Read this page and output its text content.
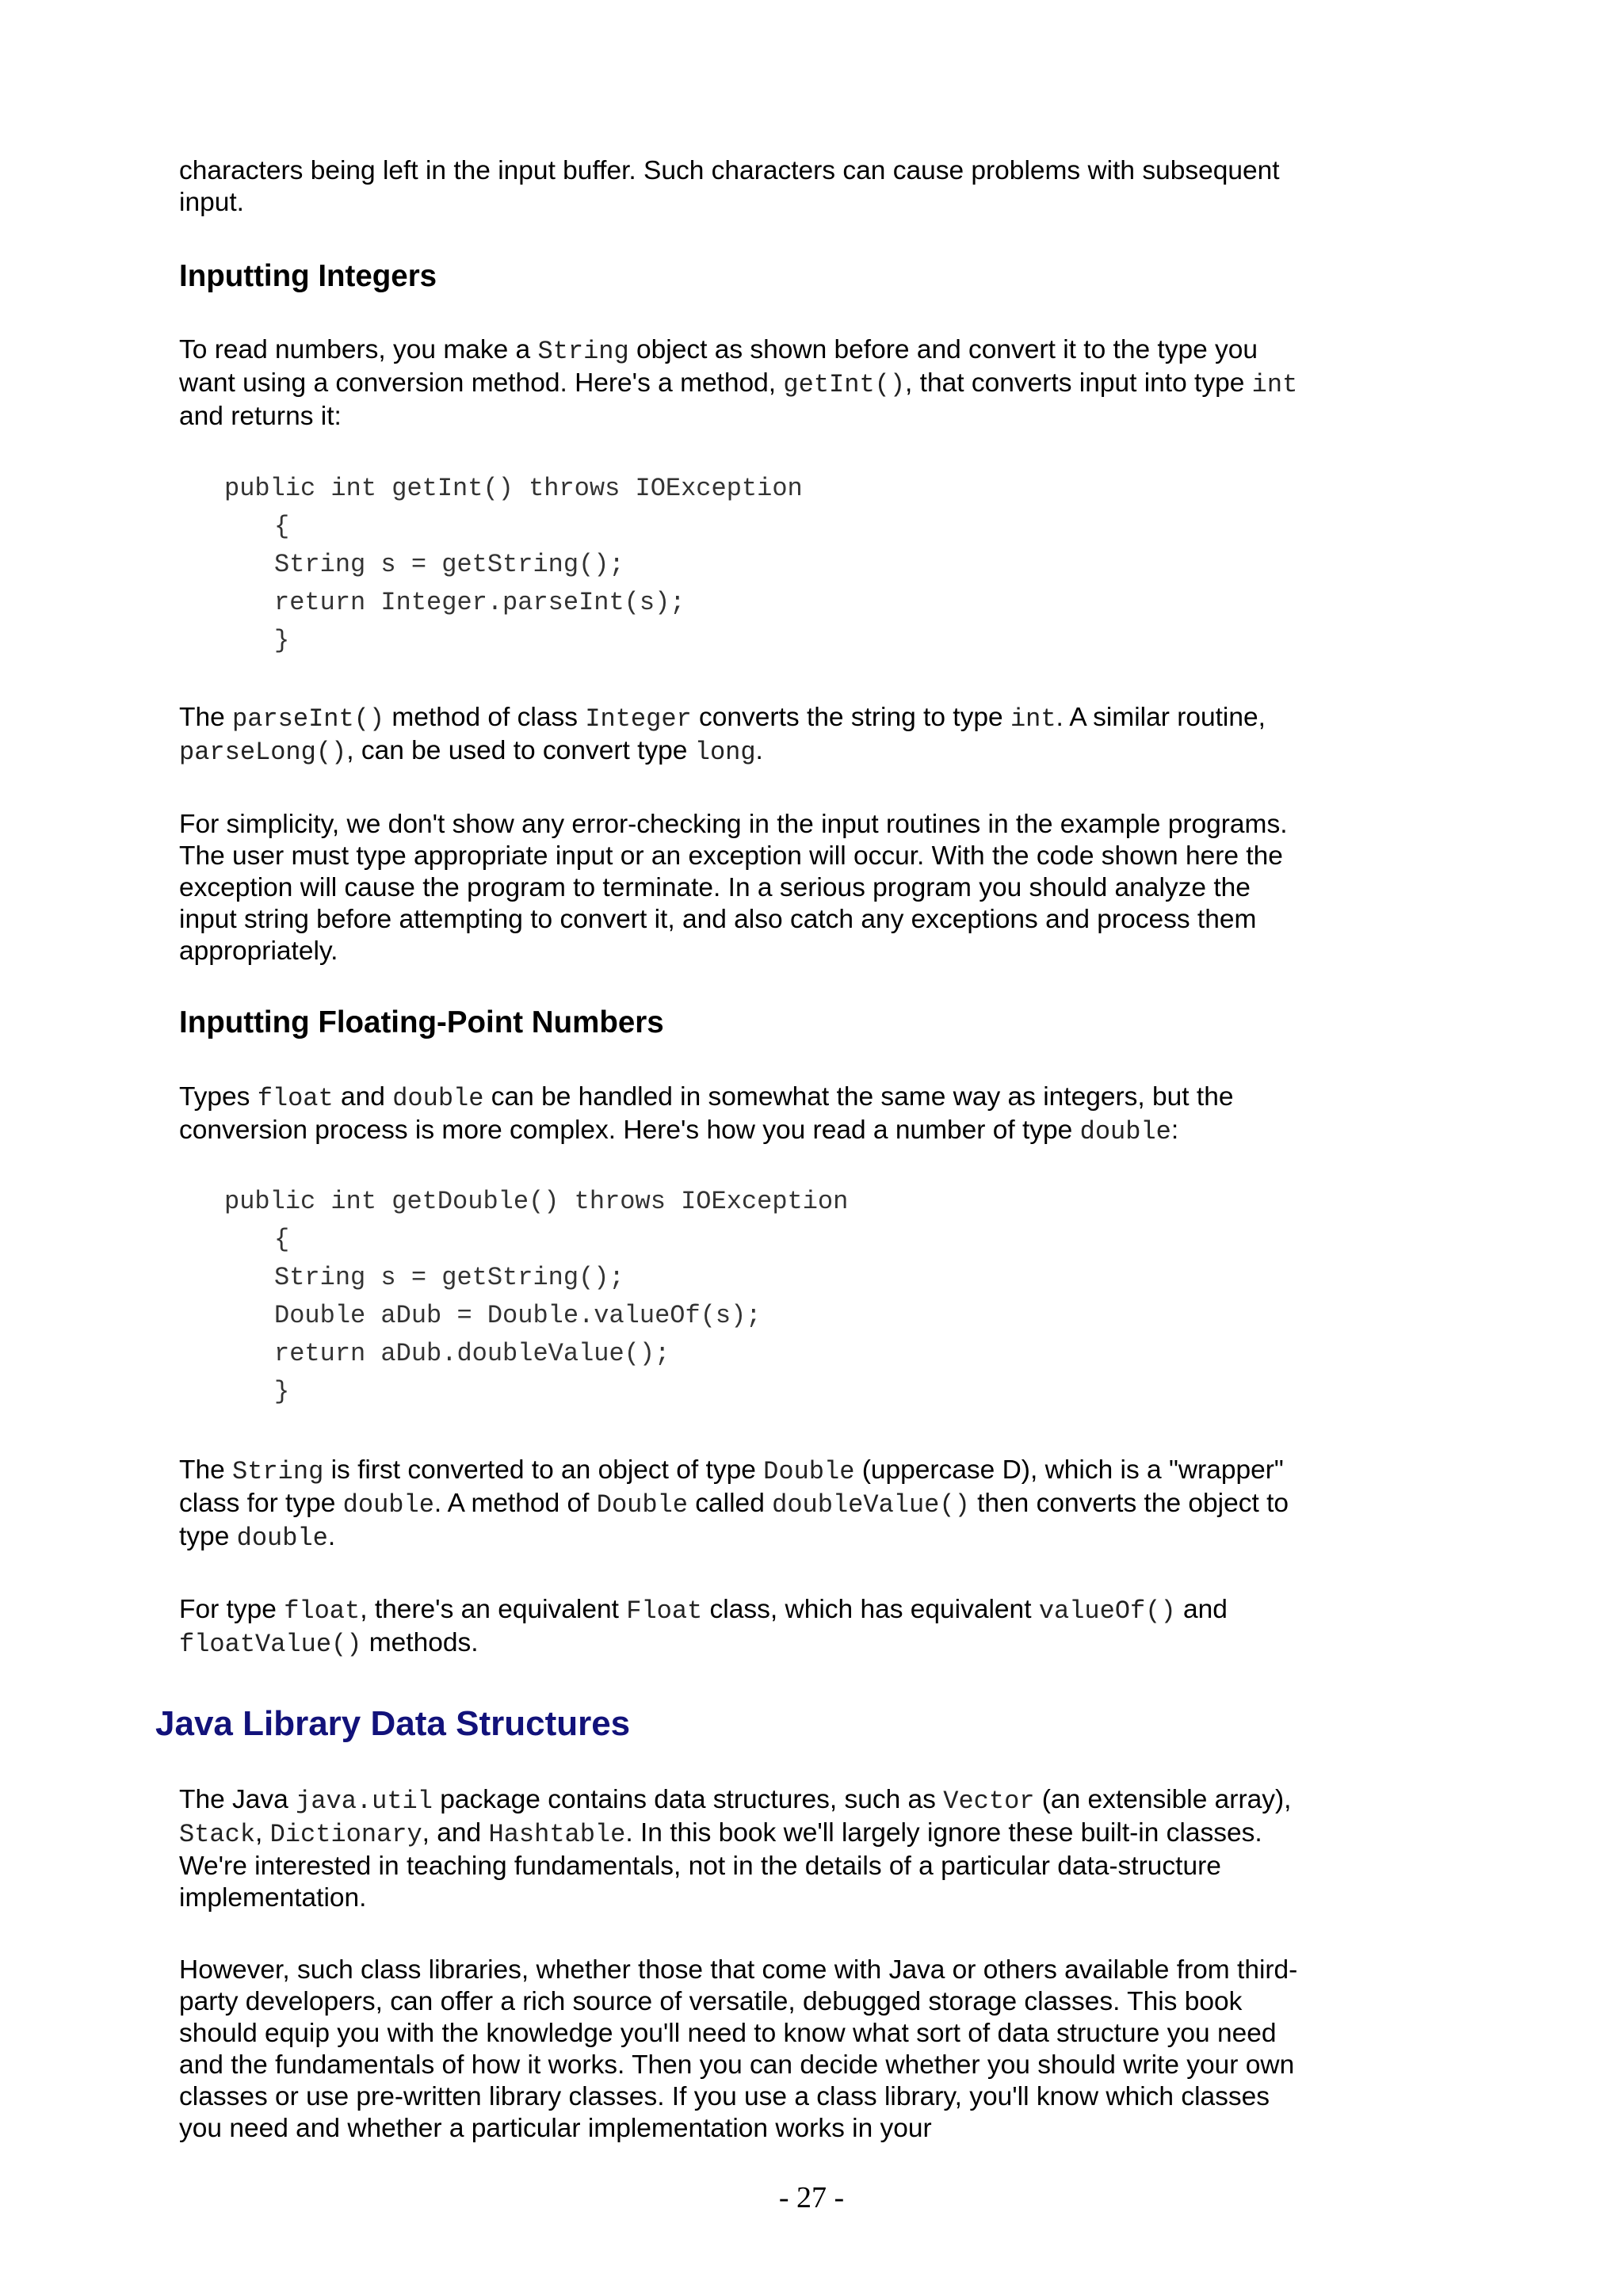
characters being left in the input buffer. Such characters can cause problems with subsequent input.

Inputting Integers

To read numbers, you make a String object as shown before and convert it to the type you want using a conversion method. Here's a method, getInt(), that converts input into type int and returns it:

public int getInt() throws IOException
{
String s = getString();
return Integer.parseInt(s);
}

The parseInt() method of class Integer converts the string to type int. A similar routine, parseLong(), can be used to convert type long.

For simplicity, we don't show any error-checking in the input routines in the example programs. The user must type appropriate input or an exception will occur. With the code shown here the exception will cause the program to terminate. In a serious program you should analyze the input string before attempting to convert it, and also catch any exceptions and process them appropriately.

Inputting Floating-Point Numbers

Types float and double can be handled in somewhat the same way as integers, but the conversion process is more complex. Here's how you read a number of type double:

public int getDouble() throws IOException
{
String s = getString();
Double aDub = Double.valueOf(s);
return aDub.doubleValue();
}

The String is first converted to an object of type Double (uppercase D), which is a "wrapper" class for type double. A method of Double called doubleValue() then converts the object to type double.

For type float, there's an equivalent Float class, which has equivalent valueOf() and floatValue() methods.

Java Library Data Structures

The Java java.util package contains data structures, such as Vector (an extensible array), Stack, Dictionary, and Hashtable. In this book we'll largely ignore these built-in classes. We're interested in teaching fundamentals, not in the details of a particular data-structure implementation.

However, such class libraries, whether those that come with Java or others available from third-party developers, can offer a rich source of versatile, debugged storage classes. This book should equip you with the knowledge you'll need to know what sort of data structure you need and the fundamentals of how it works. Then you can decide whether you should write your own classes or use pre-written library classes. If you use a class library, you'll know which classes you need and whether a particular implementation works in your

- 27 -
